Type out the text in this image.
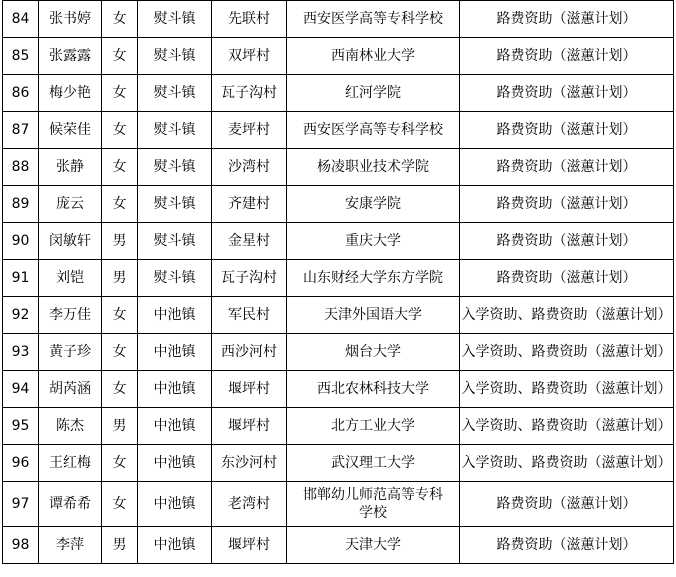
84	张书婷	女	熨斗镇	先联村	西安医学高等专科学校	路费资助（滋蕙计划）
85	张露露	女	熨斗镇	双坪村	西南林业大学	路费资助（滋蕙计划）
86	梅少艳	女	熨斗镇	瓦子沟村	红河学院	路费资助（滋蕙计划）
87	候荣佳	女	熨斗镇	麦坪村	西安医学高等专科学校	路费资助（滋蕙计划）
88	张静	女	熨斗镇	沙湾村	杨凌职业技术学院	路费资助（滋蕙计划）
89	庞云	女	熨斗镇	齐建村	安康学院	路费资助（滋蕙计划）
90	闵敏轩	男	熨斗镇	金星村	重庆大学	路费资助（滋蕙计划）
91	刘铠	男	熨斗镇	瓦子沟村	山东财经大学东方学院	路费资助（滋蕙计划）
92	李万佳	女	中池镇	军民村	天津外国语大学	入学资助、路费资助（滋蕙计划）
93	黄子珍	女	中池镇	西沙河村	烟台大学	入学资助、路费资助（滋蕙计划）
94	胡芮涵	女	中池镇	堰坪村	西北农林科技大学	入学资助、路费资助（滋蕙计划）
95	陈杰	男	中池镇	堰坪村	北方工业大学	入学资助、路费资助（滋蕙计划）
96	王红梅	女	中池镇	东沙河村	武汉理工大学	入学资助、路费资助（滋蕙计划）
97	谭希希	女	中池镇	老湾村	邯郸幼儿师范高等专科学校	路费资助（滋蕙计划）
98	李萍	男	中池镇	堰坪村	天津大学	路费资助（滋蕙计划）
